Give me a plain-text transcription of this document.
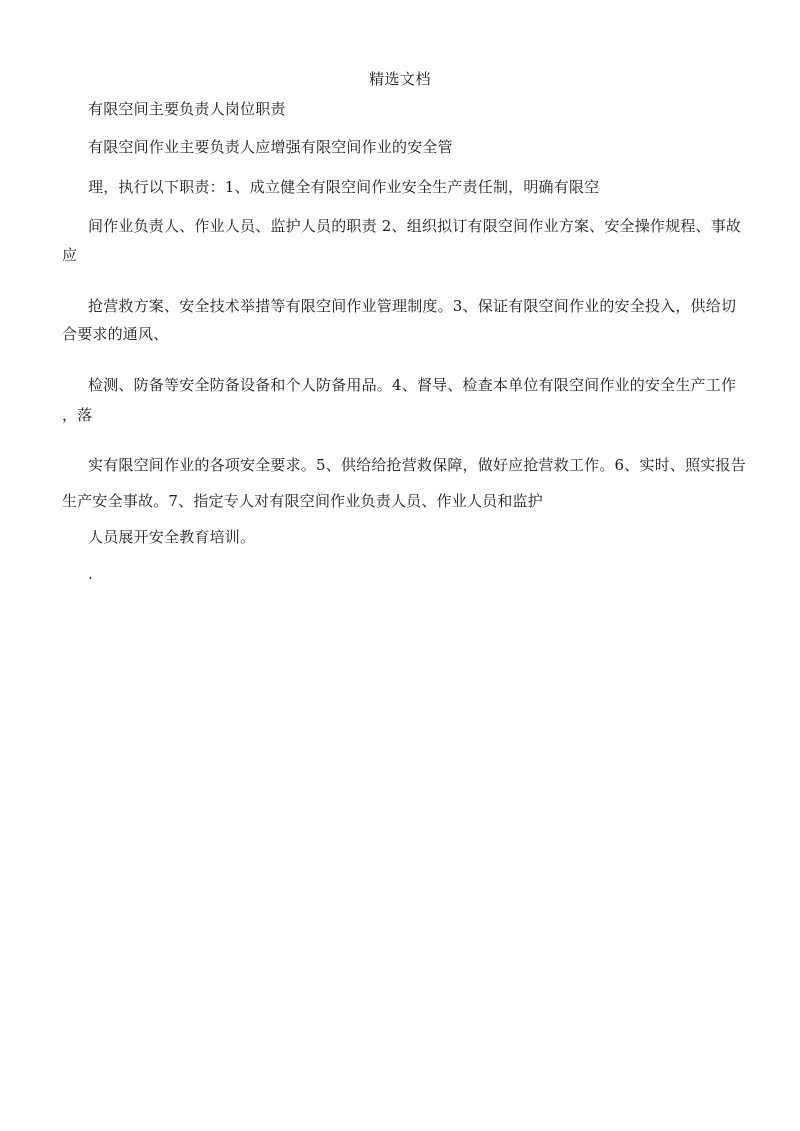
精选文档
有限空间主要负责人岗位职责
有限空间作业主要负责人应增强有限空间作业的安全管
理，执行以下职责：1、成立健全有限空间作业安全生产责任制，明确有限空
间作业负责人、作业人员、监护人员的职责 2、组织拟订有限空间作业方案、安全操作规程、事故
应
抢营救方案、安全技术举措等有限空间作业管理制度。3、保证有限空间作业的安全投入，供给切
合要求的通风、
检测、防备等安全防备设备和个人防备用品。4、督导、检查本单位有限空间作业的安全生产工作
，落
实有限空间作业的各项安全要求。5、供给给抢营救保障，做好应抢营救工作。6、实时、照实报告
生产安全事故。7、指定专人对有限空间作业负责人员、作业人员和监护
人员展开安全教育培训。
.
